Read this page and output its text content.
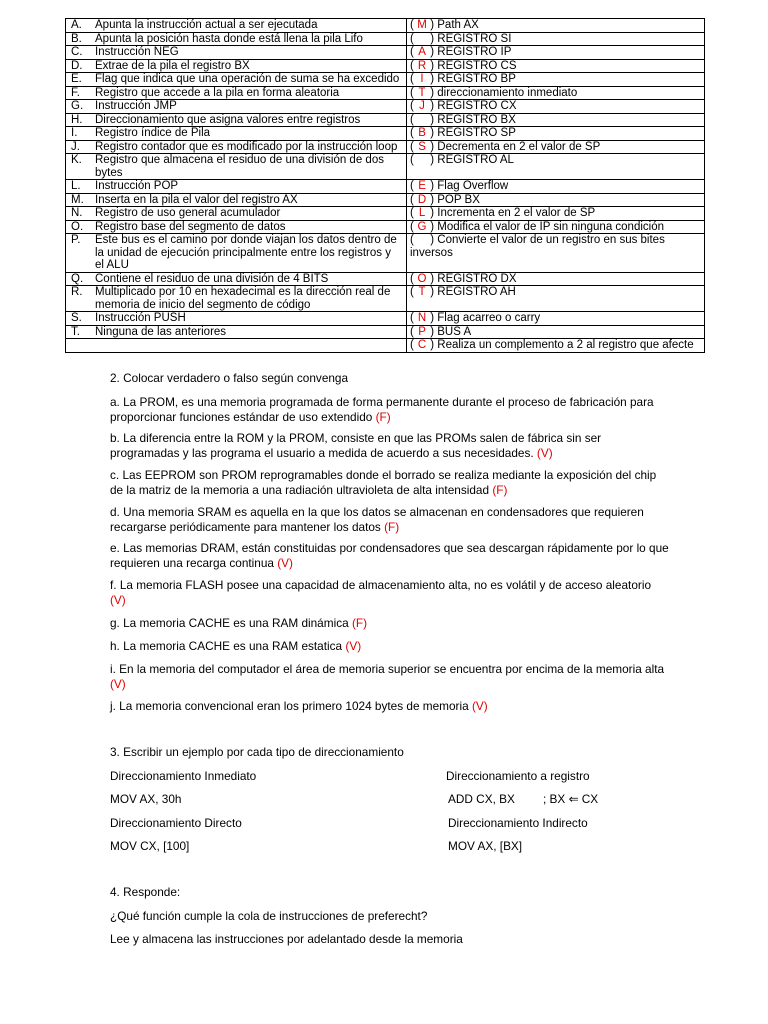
A. Apunta la instrucción actual a ser ejecutada	( M ) Path AX

B. Apunta la posición hasta donde está llena la pila Lifo	(  ) REGISTRO SI

C. Instrucción NEG	( A ) REGISTRO IP

D. Extrae de la pila el registro BX	( R ) REGISTRO CS

E. Flag que indica que una operación de suma se ha excedido	( I ) REGISTRO BP

F. Registro que accede a la pila en forma aleatoria	( T ) direccionamiento inmediato

G. Instrucción JMP	( J ) REGISTRO CX

H. Direccionamiento que asigna valores entre registros	(  ) REGISTRO BX

I. Registro índice de Pila	( B ) REGISTRO SP

J. Registro contador que es modificado por la instrucción loop	( S ) Decrementa en 2 el valor de SP

K. Registro que almacena el residuo de una división de dos bytes	(  ) REGISTRO AL

L. Instrucción POP	( E ) Flag Overflow

M. Inserta en la pila el valor del registro AX	( D ) POP BX

N. Registro de uso general acumulador	( L ) Incrementa en 2 el valor de SP

O. Registro base del segmento de datos	( G ) Modifica el valor de IP sin ninguna condición

P. Este bus es el camino por donde viajan los datos dentro de la unidad de ejecución principalmente entre los registros y el ALU	(  ) Convierte el valor de un registro en sus bites inversos

Q. Contiene el residuo de una división de 4 BITS	( O ) REGISTRO DX

R. Multiplicado por 10 en hexadecimal es la dirección real de memoria de inicio del segmento de código	( T ) REGISTRO AH

S. Instrucción PUSH	( N ) Flag acarreo o carry

T. Ninguna de las anteriores	( P ) BUS A

	( C ) Realiza un complemento a 2 al registro que afecte
2. Colocar verdadero o falso según convenga
a. La PROM, es una memoria programada de forma permanente durante el proceso de fabricación para proporcionar funciones estándar de uso extendido (F)
b. La diferencia entre la ROM y la PROM, consiste en que las PROMs salen de fábrica sin ser programadas y las programa el usuario a medida de acuerdo a sus necesidades. (V)
c. Las EEPROM son PROM reprogramables donde el borrado se realiza mediante la exposición del chip de la matriz de la memoria a una radiación ultravioleta de alta intensidad (F)
d. Una memoria SRAM es aquella en la que los datos se almacenan en condensadores que requieren recargarse periódicamente para mantener los datos (F)
e. Las memorias DRAM, están constituidas por condensadores que sea descargan rápidamente por lo que requieren una recarga continua (V)
f. La memoria FLASH posee una capacidad de almacenamiento alta, no es volátil y de acceso aleatorio (V)
g. La memoria CACHE es una RAM dinámica (F)
h. La memoria CACHE es una RAM estatica (V)
i. En la memoria del computador el área de memoria superior se encuentra por encima de la memoria alta (V)
j. La memoria convencional eran los primero 1024 bytes de memoria (V)
3. Escribir un ejemplo por cada tipo de direccionamiento
Direccionamiento Inmediato
MOV AX, 30h
Direccionamiento a registro
ADD CX, BX ; BX ⇐ CX
Direccionamiento Directo
MOV CX, [100]
Direccionamiento Indirecto
MOV AX, [BX]
4. Responde:
¿Qué función cumple la cola de instrucciones de preferecht?
Lee y almacena las instrucciones por adelantado desde la memoria
